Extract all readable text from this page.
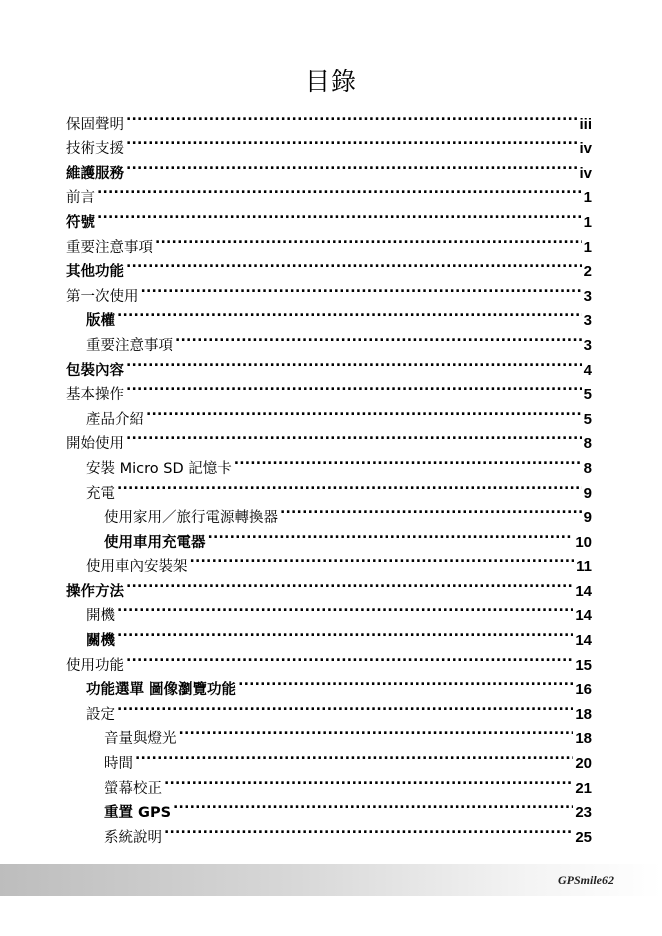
目錄
保固聲明 .....	iii
技術支援 .....	iv
維護服務 .....	iv
前言 .....	1
符號 .....	1
重要注意事項 .....	1
其他功能 .....	2
第一次使用 .....	3
版權 .....	3
重要注意事項 .....	3
包裝內容 .....	4
基本操作 .....	5
產品介紹 .....	5
開始使用 .....	8
安裝 Micro SD 記憶卡 .....	8
充電 .....	9
使用家用／旅行電源轉換器 .....	9
使用車用充電器 .....	10
使用車內安裝架 .....	11
操作方法 .....	14
開機 .....	14
關機 .....	14
使用功能 .....	15
功能選單 圖像瀏覽功能 .....	16
設定 .....	18
音量與燈光 .....	18
時間 .....	20
螢幕校正 .....	21
重置 GPS .....	23
系統說明 .....	25
GPSmile62
